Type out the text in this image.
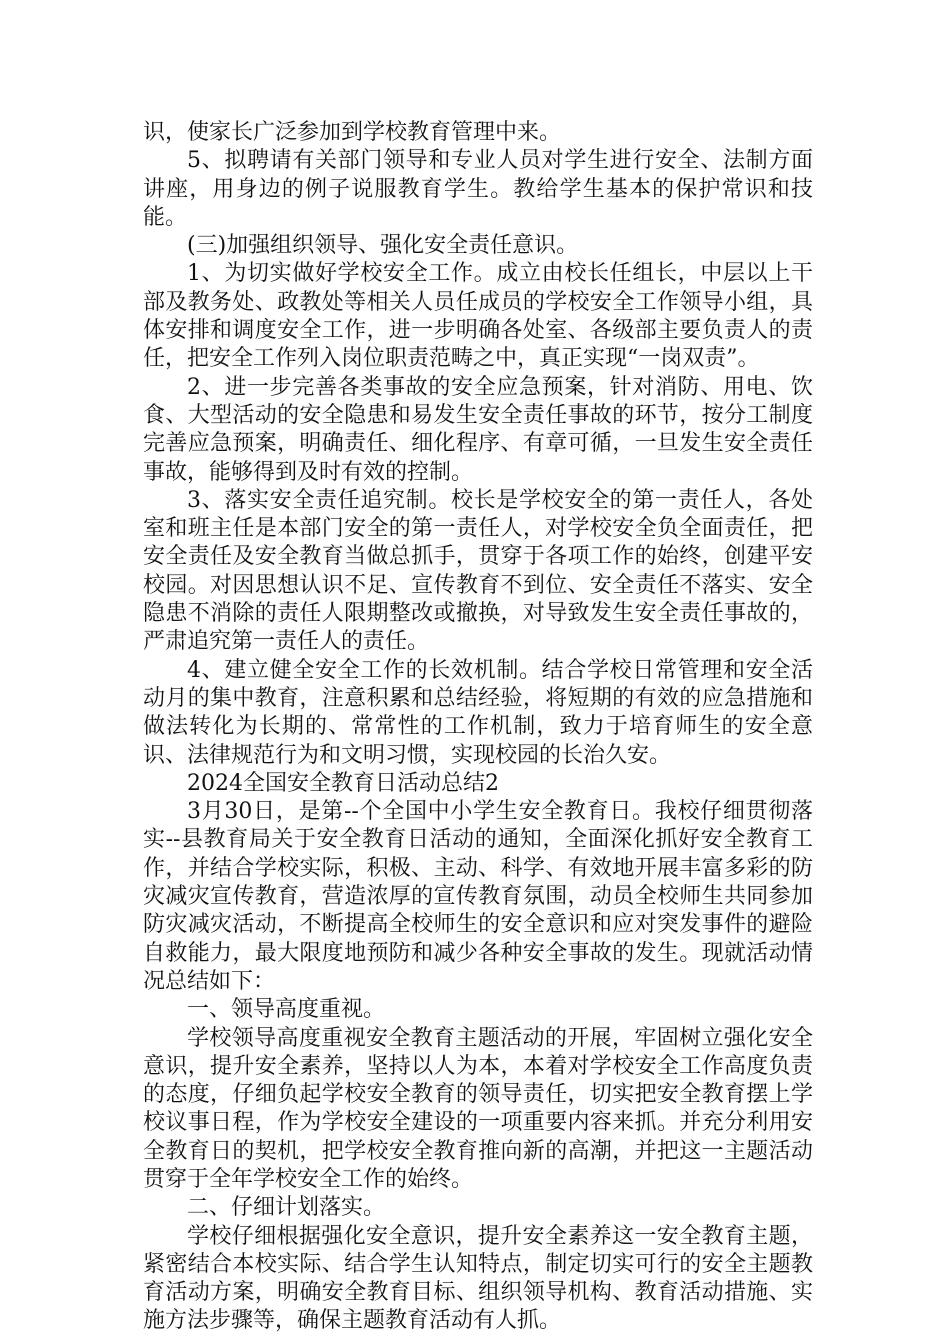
识，使家长广泛参加到学校教育管理中来。

5、拟聘请有关部门领导和专业人员对学生进行安全、法制方面讲座，用身边的例子说服教育学生。教给学生基本的保护常识和技能。

(三)加强组织领导、强化安全责任意识。

1、为切实做好学校安全工作。成立由校长任组长，中层以上干部及教务处、政教处等相关人员任成员的学校安全工作领导小组，具体安排和调度安全工作，进一步明确各处室、各级部主要负责人的责任，把安全工作列入岗位职责范畴之中，真正实现“一岗双责”。

2、进一步完善各类事故的安全应急预案，针对消防、用电、饮食、大型活动的安全隐患和易发生安全责任事故的环节，按分工制度完善应急预案，明确责任、细化程序、有章可循，一旦发生安全责任事故，能够得到及时有效的控制。

3、落实安全责任追究制。校长是学校安全的第一责任人，各处室和班主任是本部门安全的第一责任人，对学校安全负全面责任，把安全责任及安全教育当做总抓手，贯穿于各项工作的始终，创建平安校园。对因思想认识不足、宣传教育不到位、安全责任不落实、安全隐患不消除的责任人限期整改或撤换，对导致发生安全责任事故的，严肃追究第一责任人的责任。

4、建立健全安全工作的长效机制。结合学校日常管理和安全活动月的集中教育，注意积累和总结经验，将短期的有效的应急措施和做法转化为长期的、常常性的工作机制，致力于培育师生的安全意识、法律规范行为和文明习惯，实现校园的长治久安。

2024全国安全教育日活动总结2

3月30日，是第--个全国中小学生安全教育日。我校仔细贯彻落实--县教育局关于安全教育日活动的通知，全面深化抓好安全教育工作，并结合学校实际，积极、主动、科学、有效地开展丰富多彩的防灾减灾宣传教育，营造浓厚的宣传教育氛围，动员全校师生共同参加防灾减灾活动，不断提高全校师生的安全意识和应对突发事件的避险自救能力，最大限度地预防和减少各种安全事故的发生。现就活动情况总结如下：

一、领导高度重视。

学校领导高度重视安全教育主题活动的开展，牢固树立强化安全意识，提升安全素养，坚持以人为本，本着对学校安全工作高度负责的态度，仔细负起学校安全教育的领导责任，切实把安全教育摆上学校议事日程，作为学校安全建设的一项重要内容来抓。并充分利用安全教育日的契机，把学校安全教育推向新的高潮，并把这一主题活动贯穿于全年学校安全工作的始终。

二、仔细计划落实。

学校仔细根据强化安全意识，提升安全素养这一安全教育主题，紧密结合本校实际、结合学生认知特点，制定切实可行的安全主题教育活动方案，明确安全教育目标、组织领导机构、教育活动措施、实施方法步骤等，确保主题教育活动有人抓。
